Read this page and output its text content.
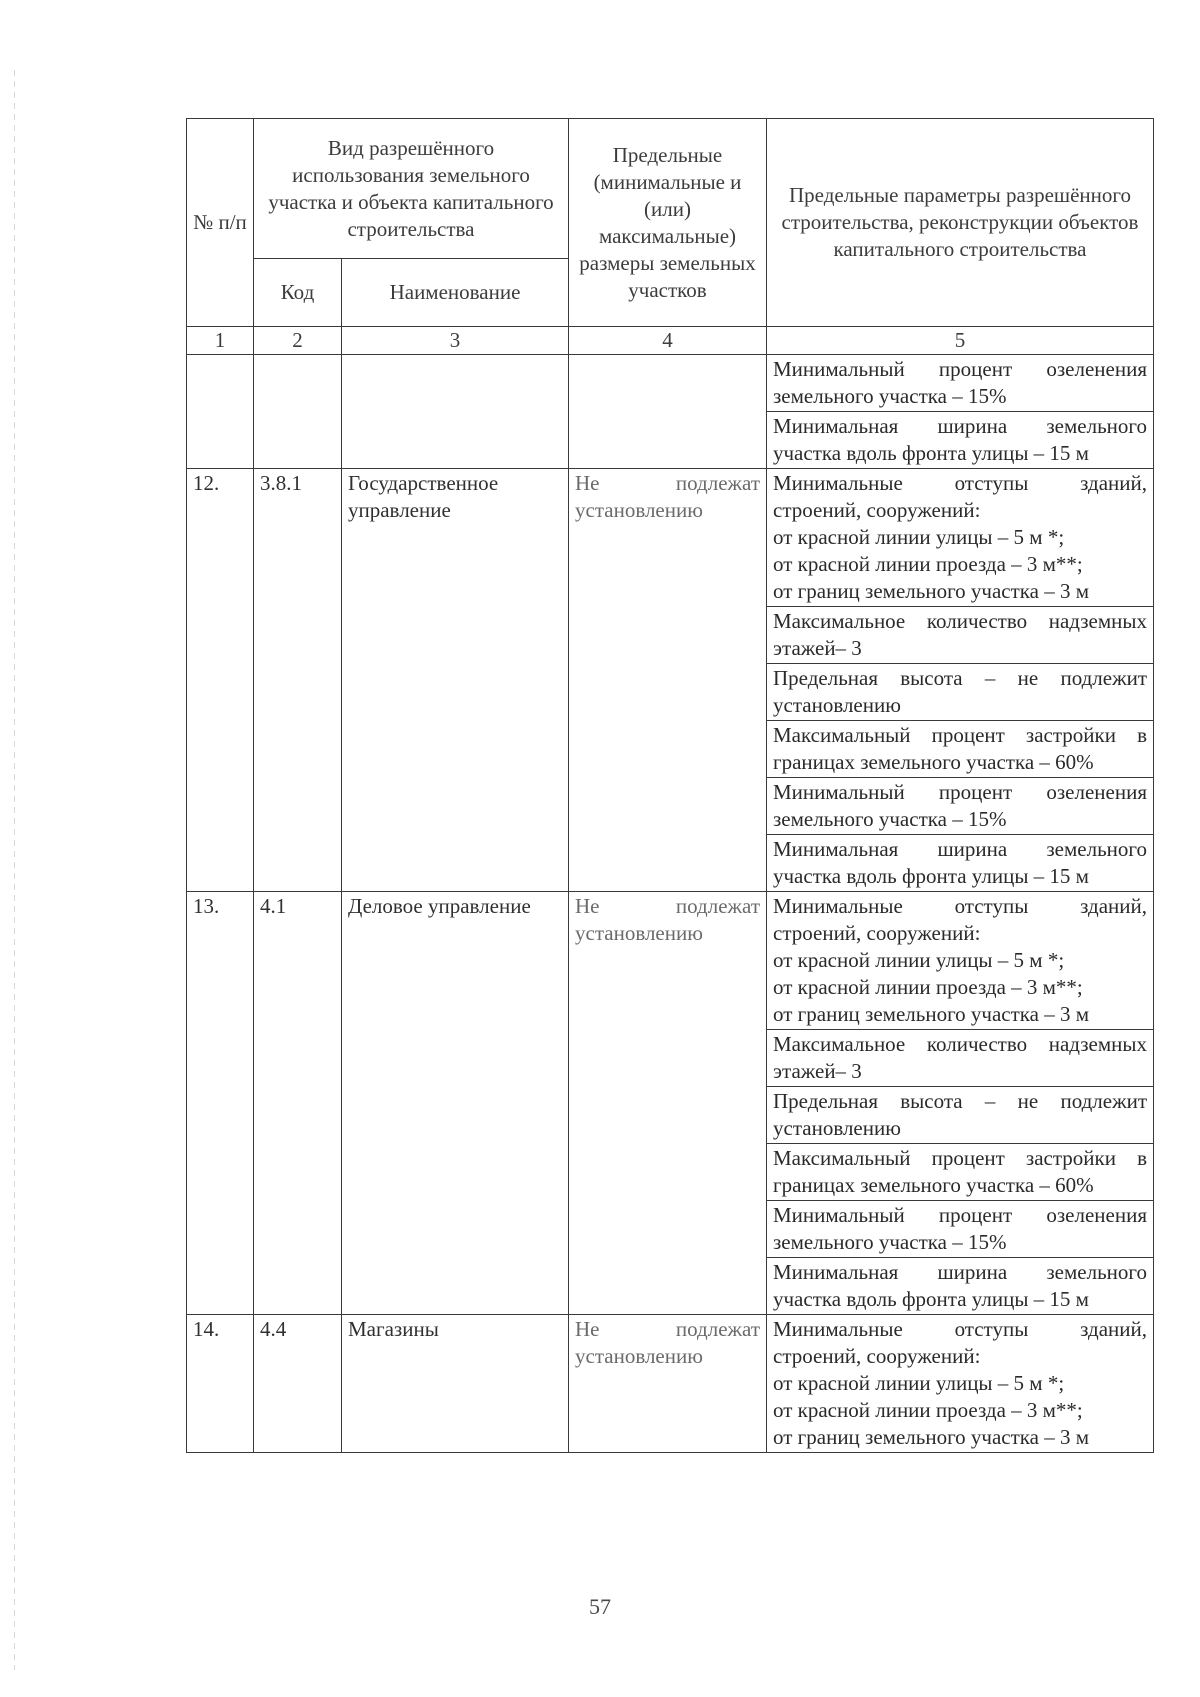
№ п/п	Вид разрешённого использования земельного участка и объекта капитального строительства		Предельные (минимальные и (или) максимальные) размеры земельных участков	Предельные параметры разрешённого строительства, реконструкции объектов капитального строительства
	Код	Наименование		
1	2	3	4	5
				Минимальный процент озеленения земельного участка – 15%
				Минимальная ширина земельного участка вдоль фронта улицы – 15 м
12.	3.8.1	Государственное управление	Не подлежат установлению	Минимальные отступы зданий, строений, сооружений:
от красной линии улицы – 5 м *;
от красной линии проезда – 3 м**;
от границ земельного участка – 3 м
				Максимальное количество надземных этажей– 3
				Предельная высота – не подлежит установлению
				Максимальный процент застройки в границах земельного участка – 60%
				Минимальный процент озеленения земельного участка – 15%
				Минимальная ширина земельного участка вдоль фронта улицы – 15 м
13.	4.1	Деловое управление	Не подлежат установлению	Минимальные отступы зданий, строений, сооружений:
от красной линии улицы – 5 м *;
от красной линии проезда – 3 м**;
от границ земельного участка – 3 м
				Максимальное количество надземных этажей– 3
				Предельная высота – не подлежит установлению
				Максимальный процент застройки в границах земельного участка – 60%
				Минимальный процент озеленения земельного участка – 15%
				Минимальная ширина земельного участка вдоль фронта улицы – 15 м
14.	4.4	Магазины	Не подлежат установлению	Минимальные отступы зданий, строений, сооружений:
от красной линии улицы – 5 м *;
от красной линии проезда – 3 м**;
от границ земельного участка – 3 м
57
